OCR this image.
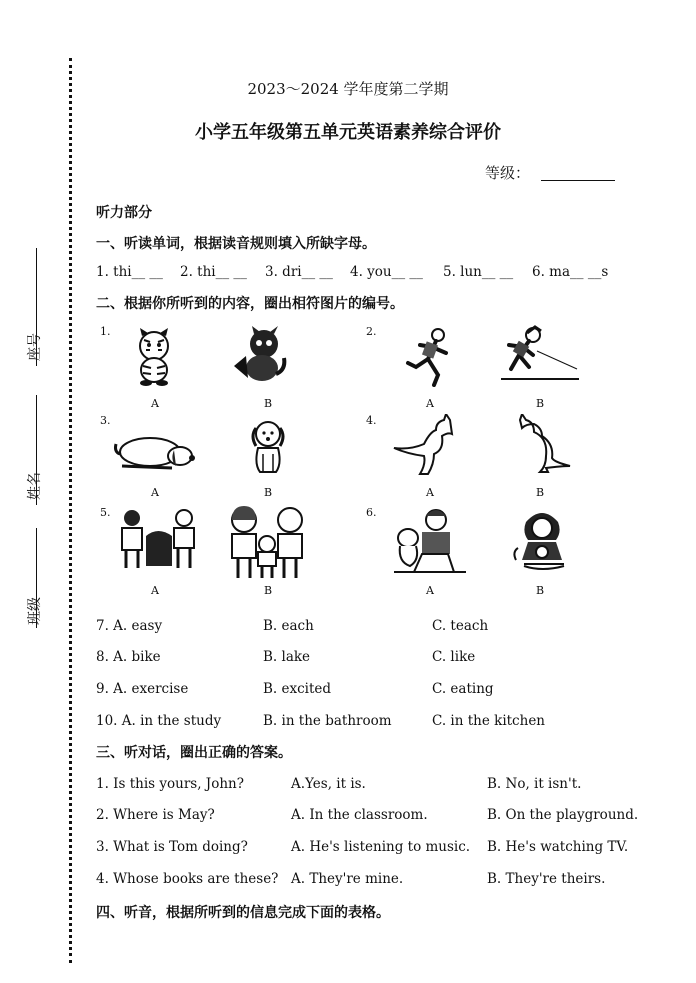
座号
姓名
班级
2023～2024 学年度第二学期
小学五年级第五单元英语素养综合评价
等级：
听力部分
一、听读单词，根据读音规则填入所缺字母。
1. thi__ __ 2. thi__ __ 3. dri__ __ 4. you__ __ 5. lun__ __ 6. ma__ __s
二、根据你所听到的内容，圈出相符图片的编号。
1.
A	B
2.
A	B
3.
A	B
4.
A	B
5.
A	B
6.
A	B
7. A. easy	B. each	C. teach
8. A. bike	B. lake	C. like
9. A. exercise	B. excited	C. eating
10. A. in the study	B. in the bathroom	C. in the kitchen
三、听对话，圈出正确的答案。
1. Is this yours, John?	A.Yes, it is.	B. No, it isn't.
2. Where is May?	A. In the classroom.	B. On the playground.
3. What is Tom doing?	A. He's listening to music. B. He's watching TV.
4. Whose books are these? A. They're mine.	B. They're theirs.
四、听音，根据所听到的信息完成下面的表格。
